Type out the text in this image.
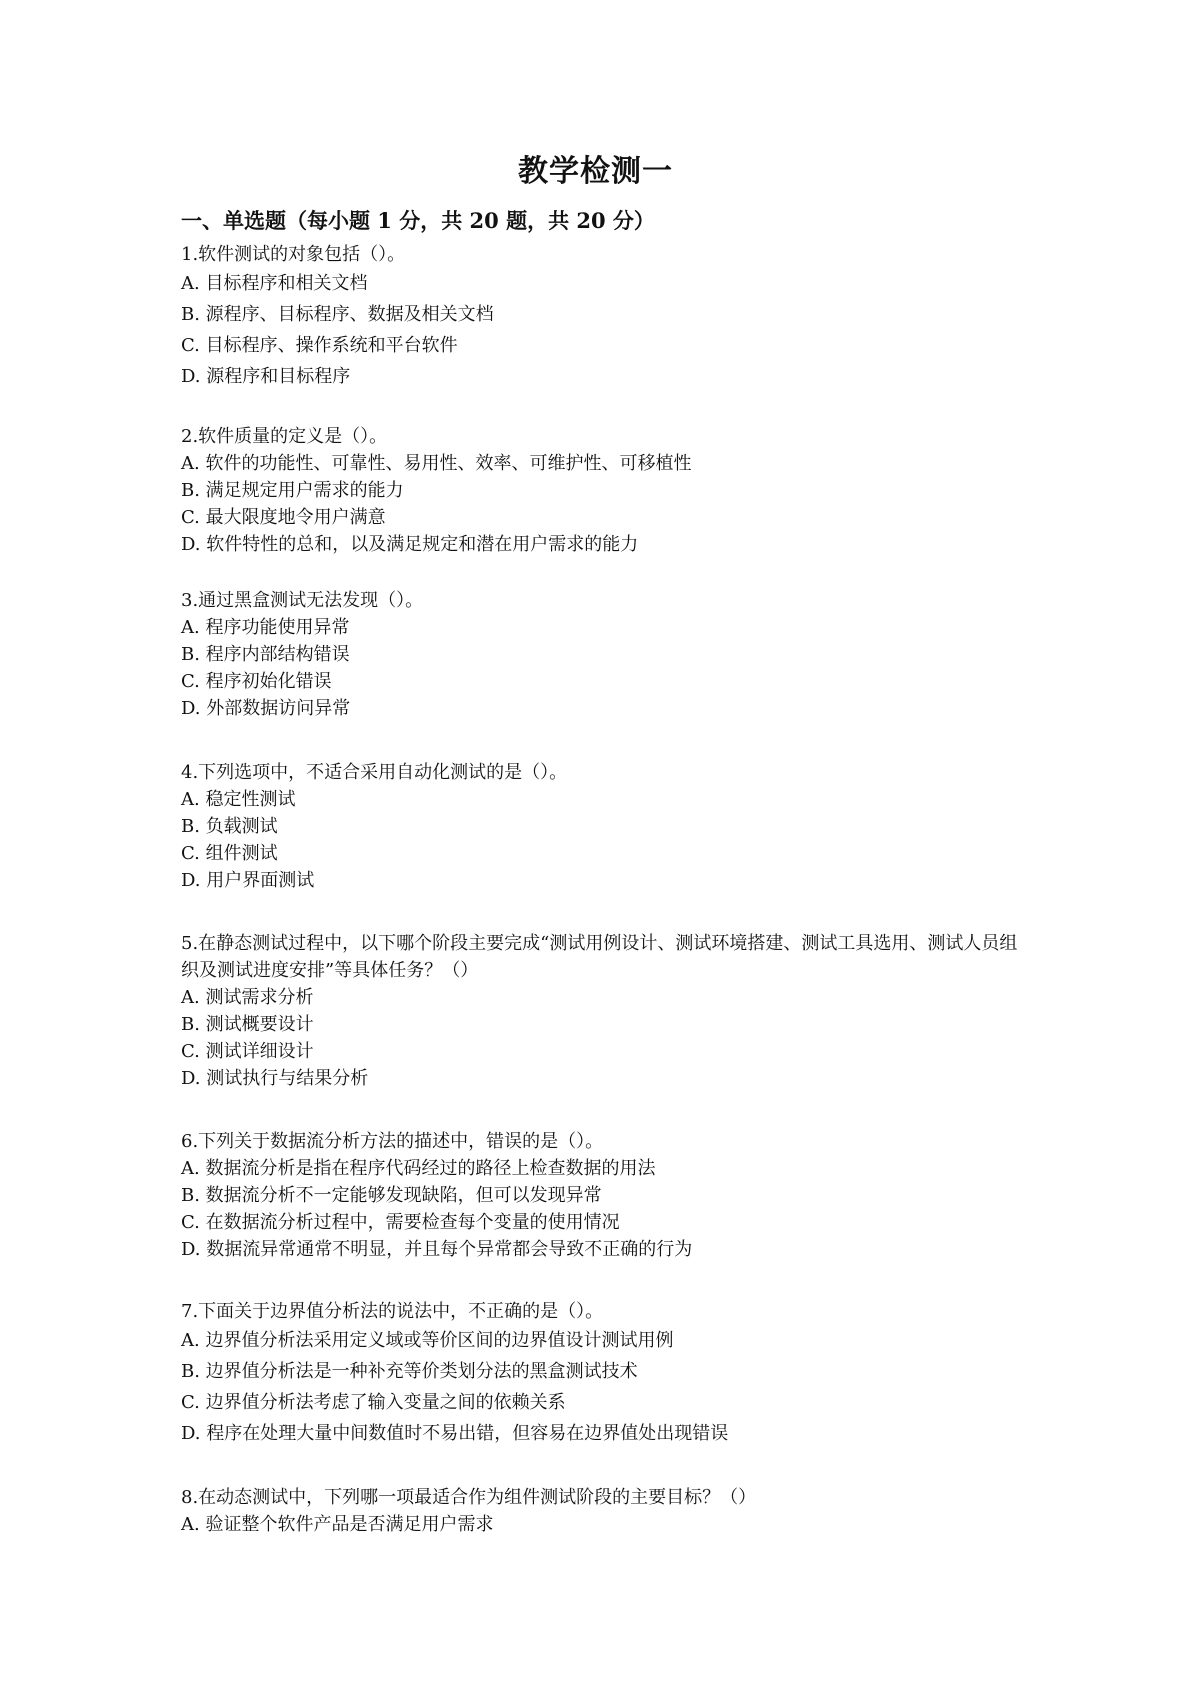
教学检测一
一、单选题（每小题 1 分，共 20 题，共 20 分）

1.软件测试的对象包括（）。

A. 目标程序和相关文档

B. 源程序、目标程序、数据及相关文档

C. 目标程序、操作系统和平台软件

D. 源程序和目标程序

2.软件质量的定义是（）。

A. 软件的功能性、可靠性、易用性、效率、可维护性、可移植性

B. 满足规定用户需求的能力

C. 最大限度地令用户满意

D. 软件特性的总和，以及满足规定和潜在用户需求的能力

3.通过黑盒测试无法发现（）。

A. 程序功能使用异常

B. 程序内部结构错误

C. 程序初始化错误

D. 外部数据访问异常

4.下列选项中，不适合采用自动化测试的是（）。

A. 稳定性测试

B. 负载测试

C. 组件测试

D. 用户界面测试

5.在静态测试过程中，以下哪个阶段主要完成“测试用例设计、测试环境搭建、测试工具选用、测试人员组织及测试进度安排”等具体任务？（）

A. 测试需求分析

B. 测试概要设计

C. 测试详细设计

D. 测试执行与结果分析

6.下列关于数据流分析方法的描述中，错误的是（）。

A. 数据流分析是指在程序代码经过的路径上检查数据的用法

B. 数据流分析不一定能够发现缺陷，但可以发现异常

C. 在数据流分析过程中，需要检查每个变量的使用情况

D. 数据流异常通常不明显，并且每个异常都会导致不正确的行为

7.下面关于边界值分析法的说法中，不正确的是（）。

A. 边界值分析法采用定义域或等价区间的边界值设计测试用例

B. 边界值分析法是一种补充等价类划分法的黑盒测试技术

C. 边界值分析法考虑了输入变量之间的依赖关系

D. 程序在处理大量中间数值时不易出错，但容易在边界值处出现错误

8.在动态测试中，下列哪一项最适合作为组件测试阶段的主要目标？（）

A. 验证整个软件产品是否满足用户需求
